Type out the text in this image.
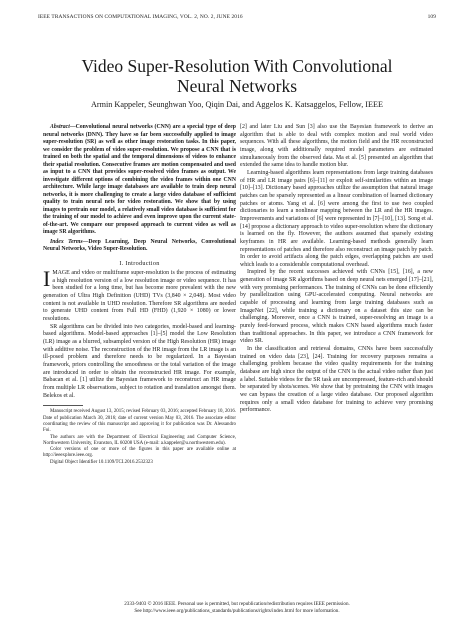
IEEE TRANSACTIONS ON COMPUTATIONAL IMAGING, VOL. 2, NO. 2, JUNE 2016	109
Video Super-Resolution With Convolutional
Neural Networks
Armin Kappeler, Seunghwan Yoo, Qiqin Dai, and Aggelos K. Katsaggelos, Fellow, IEEE

Abstract—Convolutional neural networks (CNN) are a special type of deep neural networks (DNN). They have so far been successfully applied to image super-resolution (SR) as well as other image restoration tasks. In this paper, we consider the problem of video super-resolution. We propose a CNN that is trained on both the spatial and the temporal dimensions of videos to enhance their spatial resolution. Consecutive frames are motion compensated and used as input to a CNN that provides super-resolved video frames as output. We investigate different options of combining the video frames within one CNN architecture. While large image databases are available to train deep neural networks, it is more challenging to create a large video database of sufficient quality to train neural nets for video restoration. We show that by using images to pretrain our model, a relatively small video database is sufficient for the training of our model to achieve and even improve upon the current state-of-the-art. We compare our proposed approach to current video as well as image SR algorithms.

Index Terms—Deep Learning, Deep Neural Networks, Convolutional Neural Networks, Video Super-Resolution.

I. Introduction

IMAGE and video or multiframe super-resolution is the process of estimating a high resolution version of a low resolution image or video sequence. It has been studied for a long time, but has become more prevalent with the new generation of Ultra High Definition (UHD) TVs (3,840 × 2,048). Most video content is not available in UHD resolution. Therefore SR algorithms are needed to generate UHD content from Full HD (FHD) (1,920 × 1080) or lower resolutions.

SR algorithms can be divided into two categories, model-based and learning-based algorithms. Model-based approaches [1]–[5] model the Low Resolution (LR) image as a blurred, subsampled version of the High Resolution (HR) image with additive noise. The reconstruction of the HR image from the LR image is an ill-posed problem and therefore needs to be regularized. In a Bayesian framework, priors controlling the smoothness or the total variation of the image are introduced in order to obtain the reconstructed HR image. For example, Babacan et al. [1] utilize the Bayesian framework to reconstruct an HR image from multiple LR observations, subject to rotation and translation amongst them. Belekos et al.

Manuscript received August 13, 2015; revised February 03, 2016; accepted February 10, 2016. Date of publication March 30, 2016; date of current version May 03, 2016. The associate editor coordinating the review of this manuscript and approving it for publication was Dr. Alessandro Foi.

The authors are with the Department of Electrical Engineering and Computer Science, Northwestern University, Evanston, IL 60208 USA (e-mail: a.kappeler@u.northwestern.edu).

Color versions of one or more of the figures in this paper are available online at http://ieeexplore.ieee.org.

Digital Object Identifier 10.1109/TCI.2016.2532323

[2] and later Liu and Sun [3] also use the Bayesian framework to derive an algorithm that is able to deal with complex motion and real world video sequences. With all these algorithms, the motion field and the HR reconstructed image, along with additionally required model parameters are estimated simultaneously from the observed data. Ma et al. [5] presented an algorithm that extended the same idea to handle motion blur.

Learning-based algorithms learn representations from large training databases of HR and LR image pairs [6]–[11] or exploit self-similarities within an image [10]–[13]. Dictionary based approaches utilize the assumption that natural image patches can be sparsely represented as a linear combination of learned dictionary patches or atoms. Yang et al. [6] were among the first to use two coupled dictionaries to learn a nonlinear mapping between the LR and the HR images. Improvements and variations of [6] were represented in [7]–[10], [13]. Song et al. [14] propose a dictionary approach to video super-resolution where the dictionary is learned on the fly. However, the authors assumed that sparsely existing keyframes in HR are available. Learning-based methods generally learn representations of patches and therefore also reconstruct an image patch by patch. In order to avoid artifacts along the patch edges, overlapping patches are used which leads to a considerable computational overhead.

Inspired by the recent successes achieved with CNNs [15], [16], a new generation of image SR algorithms based on deep neural nets emerged [17]–[21], with very promising performances. The training of CNNs can be done efficiently by parallelization using GPU-accelerated computing. Neural networks are capable of processing and learning from large training databases such as ImageNet [22], while training a dictionary on a dataset this size can be challenging. Moreover, once a CNN is trained, super-resolving an image is a purely feed-forward process, which makes CNN based algorithms much faster than traditional approaches. In this paper, we introduce a CNN framework for video SR.

In the classification and retrieval domains, CNNs have been successfully trained on video data [23], [24]. Training for recovery purposes remains a challenging problem because the video quality requirements for the training database are high since the output of the CNN is the actual video rather than just a label. Suitable videos for the SR task are uncompressed, feature-rich and should be separated by shots/scenes. We show that by pretraining the CNN with images we can bypass the creation of a large video database. Our proposed algorithm requires only a small video database for training to achieve very promising performance.

2333-9403 © 2016 IEEE. Personal use is permitted, but republication/redistribution requires IEEE permission.
See http://www.ieee.org/publications_standards/publications/rights/index.html for more information.
